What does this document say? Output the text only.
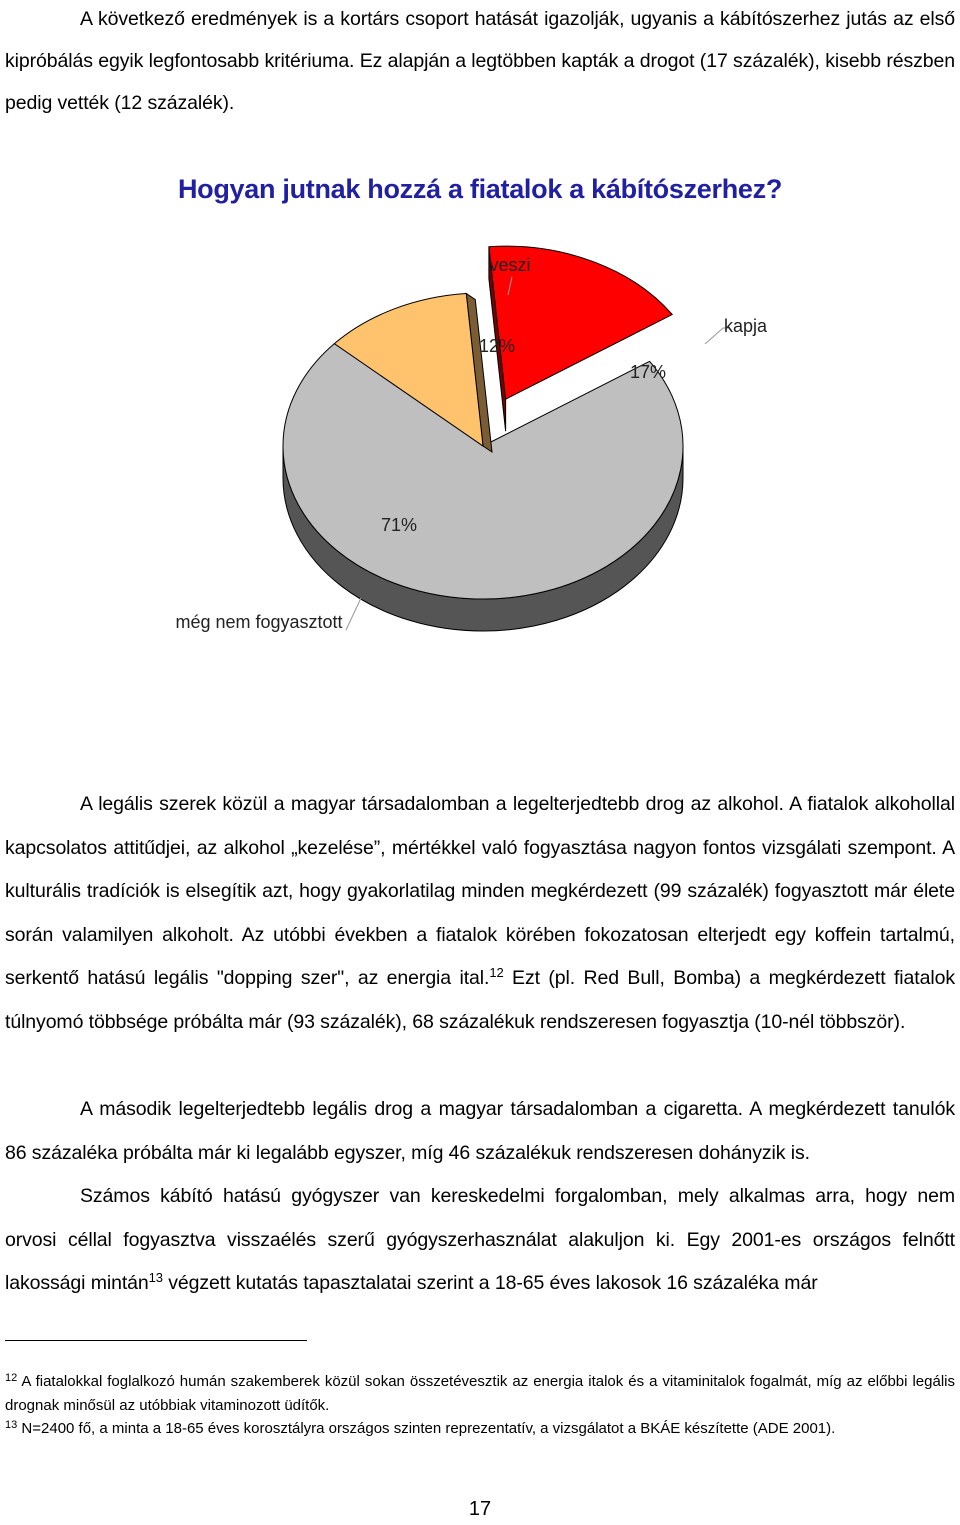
A következő eredmények is a kortárs csoport hatását igazolják, ugyanis a kábítószerhez jutás az első kipróbálás egyik legfontosabb kritériuma. Ez alapján a legtöbben kapták a drogot (17 százalék), kisebb részben pedig vették (12 százalék).
Hogyan jutnak hozzá a fiatalok a kábítószerhez?
veszi
kapja
még nem fogyasztott
12%
17%
71%
A legális szerek közül a magyar társadalomban a legelterjedtebb drog az alkohol. A fiatalok alkohollal kapcsolatos attitűdjei, az alkohol „kezelése”, mértékkel való fogyasztása nagyon fontos vizsgálati szempont. A kulturális tradíciók is elsegítik azt, hogy gyakorlatilag minden megkérdezett (99 százalék) fogyasztott már élete során valamilyen alkoholt. Az utóbbi években a fiatalok körében fokozatosan elterjedt egy koffein tartalmú, serkentő hatású legális "dopping szer", az energia ital.$^{12}$ Ezt (pl. Red Bull, Bomba) a megkérdezett fiatalok túlnyomó többsége próbálta már (93 százalék), 68 százalékuk rendszeresen fogyasztja (10-nél többször).
A második legelterjedtebb legális drog a magyar társadalomban a cigaretta. A megkérdezett tanulók 86 százaléka próbálta már ki legalább egyszer, míg 46 százalékuk rendszeresen dohányzik is.
Számos kábító hatású gyógyszer van kereskedelmi forgalomban, mely alkalmas arra, hogy nem orvosi céllal fogyasztva visszaélés szerű gyógyszerhasználat alakuljon ki. Egy 2001-es országos felnőtt lakossági mintán$^{13}$ végzett kutatás tapasztalatai szerint a 18-65 éves lakosok 16 százaléka már
$^{12}$ A fiatalokkal foglalkozó humán szakemberek közül sokan összetévesztik az energia italok és a vitaminitalok fogalmát, míg az előbbi legális drognak minősül az utóbbiak vitaminozott üdítők.
$^{13}$ N=2400 fő, a minta a 18-65 éves korosztályra országos szinten reprezentatív, a vizsgálatot a BKÁE készítette (ADE 2001).
17
